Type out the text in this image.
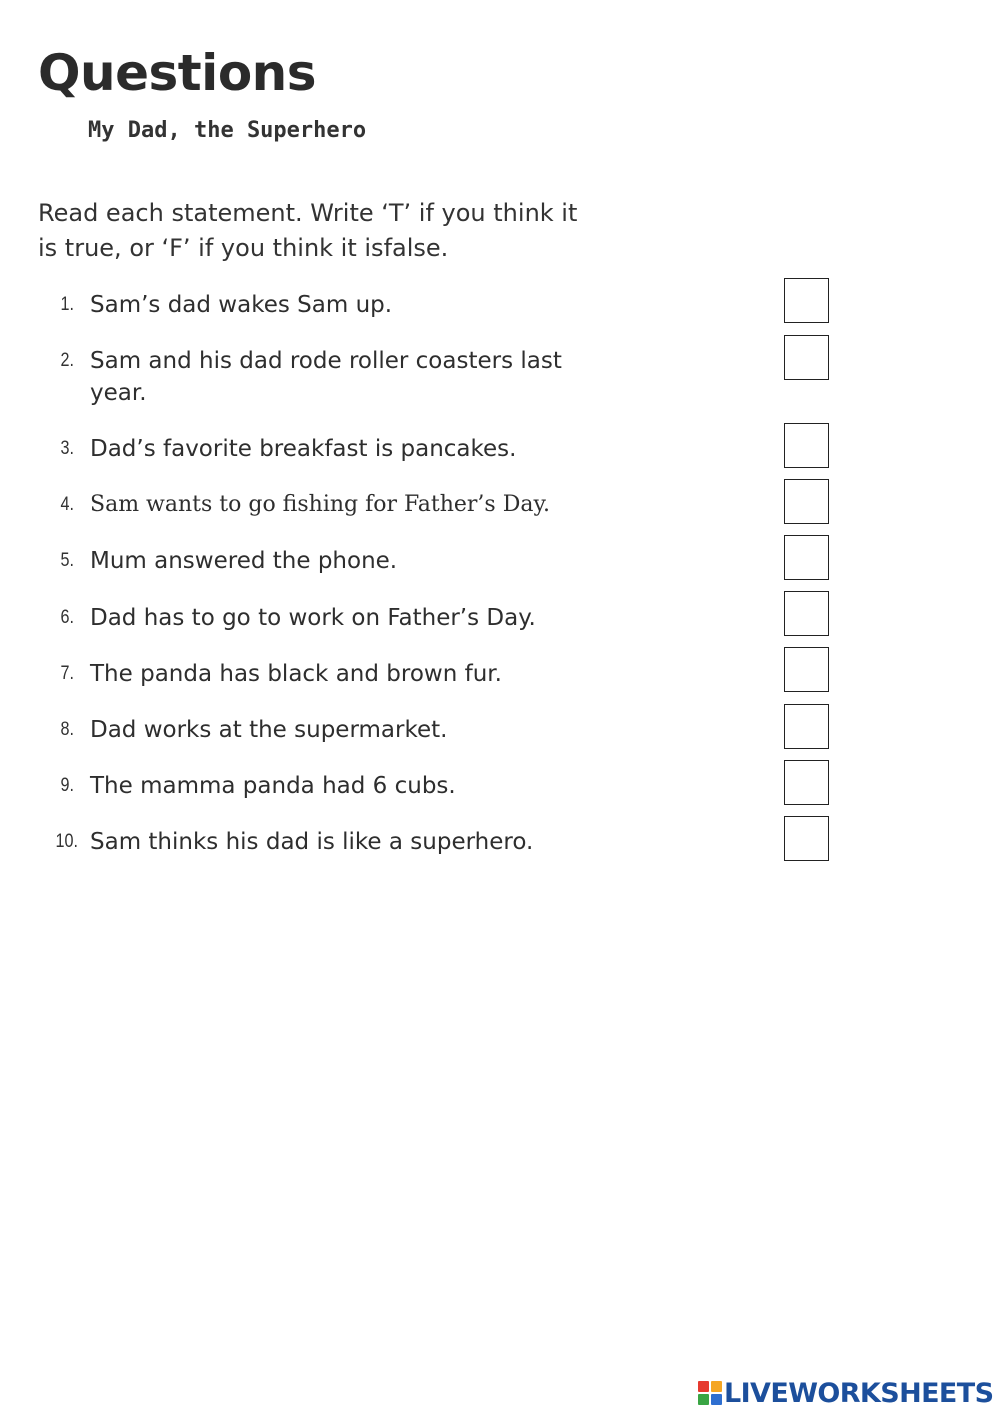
Questions
My Dad, the Superhero
Read each statement. Write ‘T’ if you think it
is true, or ‘F’ if you think it isfalse.
1. Sam’s dad wakes Sam up.
2. Sam and his dad rode roller coasters last year.
3. Dad’s favorite breakfast is pancakes.
4. Sam wants to go fishing for Father’s Day.
5. Mum answered the phone.
6. Dad has to go to work on Father’s Day.
7. The panda has black and brown fur.
8. Dad works at the supermarket.
9. The mamma panda had 6 cubs.
10. Sam thinks his dad is like a superhero.
LIVEWORKSHEETS
